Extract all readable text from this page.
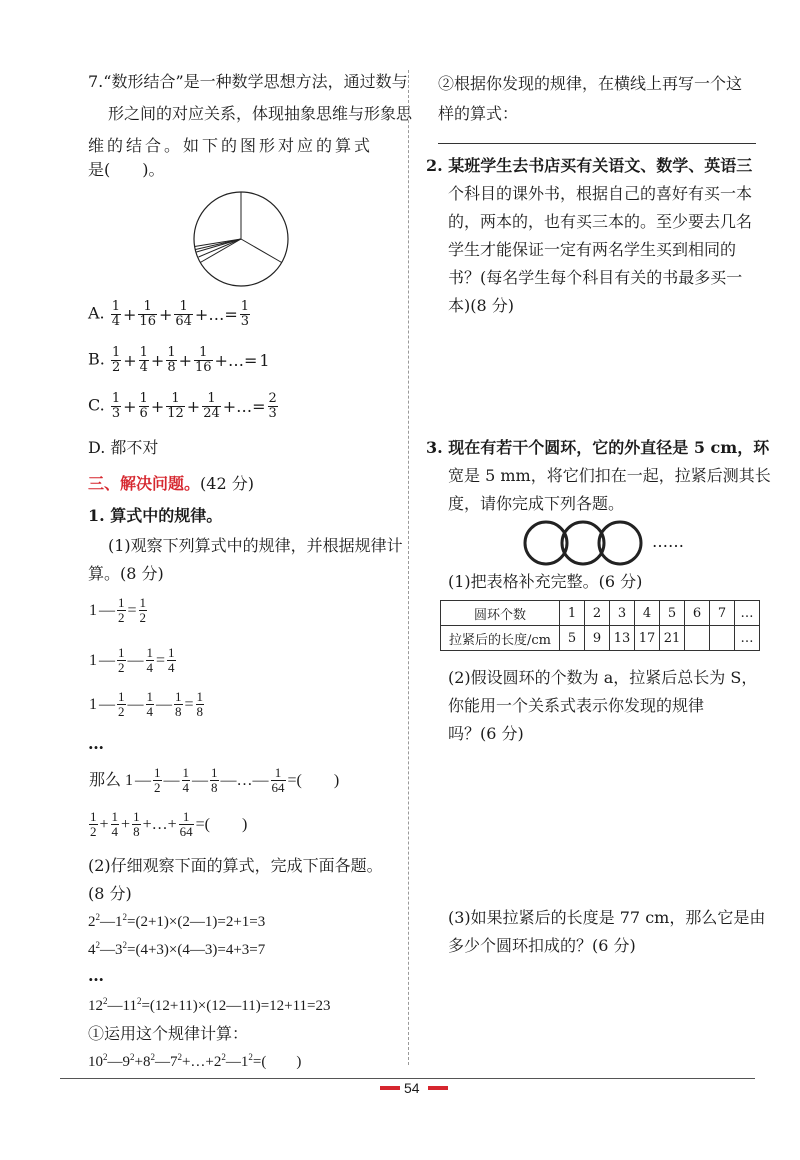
7.“数形结合”是一种数学思想方法，通过数与
形之间的对应关系，体现抽象思维与形象思
维的结合。如下的图形对应的算式
是(　　)。
A. $\frac{1}{4} + \frac{1}{16} + \frac{1}{64}$ +…= $\frac{1}{3}$
B. $\frac{1}{2} + \frac{1}{4} + \frac{1}{8} + \frac{1}{16}$ +…= 1
C. $\frac{1}{3} + \frac{1}{6} + \frac{1}{12} + \frac{1}{24}$ +…= $\frac{2}{3}$
D. 都不对
三、解决问题。(42 分)
1. 算式中的规律。
(1)观察下列算式中的规律，并根据规律计
算。(8 分)
1 — $\frac{1}{2} = \frac{1}{2}$
1 — $\frac{1}{2}$ — $\frac{1}{4} = \frac{1}{4}$
1 — $\frac{1}{2}$ — $\frac{1}{4}$ — $\frac{1}{8} = \frac{1}{8}$
…
那么 1 — $\frac{1}{2}$ — $\frac{1}{4}$ — $\frac{1}{8}$ —…— $\frac{1}{64}$ =(　　)
$\frac{1}{2} + \frac{1}{4} + \frac{1}{8}$ +…+ $\frac{1}{64}$ =(　　)
(2)仔细观察下面的算式，完成下面各题。
(8 分)
$2^2—1^2=(2+1)\times(2—1)=2+1=3$
$4^2—3^2=(4+3)\times(4—3)=4+3=7$
…
$12^2—11^2=(12+11)\times(12—11)=12+11=23$
①运用这个规律计算：
$10^2—9^2+8^2—7^2+\dots+2^2—1^2=$(　　)
②根据你发现的规律，在横线上再写一个这
样的算式：
2. 某班学生去书店买有关语文、数学、英语三
个科目的课外书，根据自己的喜好有买一本
的，两本的，也有买三本的。至少要去几名
学生才能保证一定有两名学生买到相同的
书？(每名学生每个科目有关的书最多买一
本)(8 分)
3. 现在有若干个圆环，它的外直径是 5 cm，环
宽是 5 mm，将它们扣在一起，拉紧后测其长
度，请你完成下列各题。
……
(1)把表格补充完整。(6 分)
圆环个数	1	2	3	4	5	6	7	…
拉紧后的长度/cm	5	9	13	17	21			…
(2)假设圆环的个数为 a，拉紧后总长为 S，
你能用一个关系式表示你发现的规律
吗？(6 分)
(3)如果拉紧后的长度是 77 cm，那么它是由
多少个圆环扣成的？(6 分)
54
